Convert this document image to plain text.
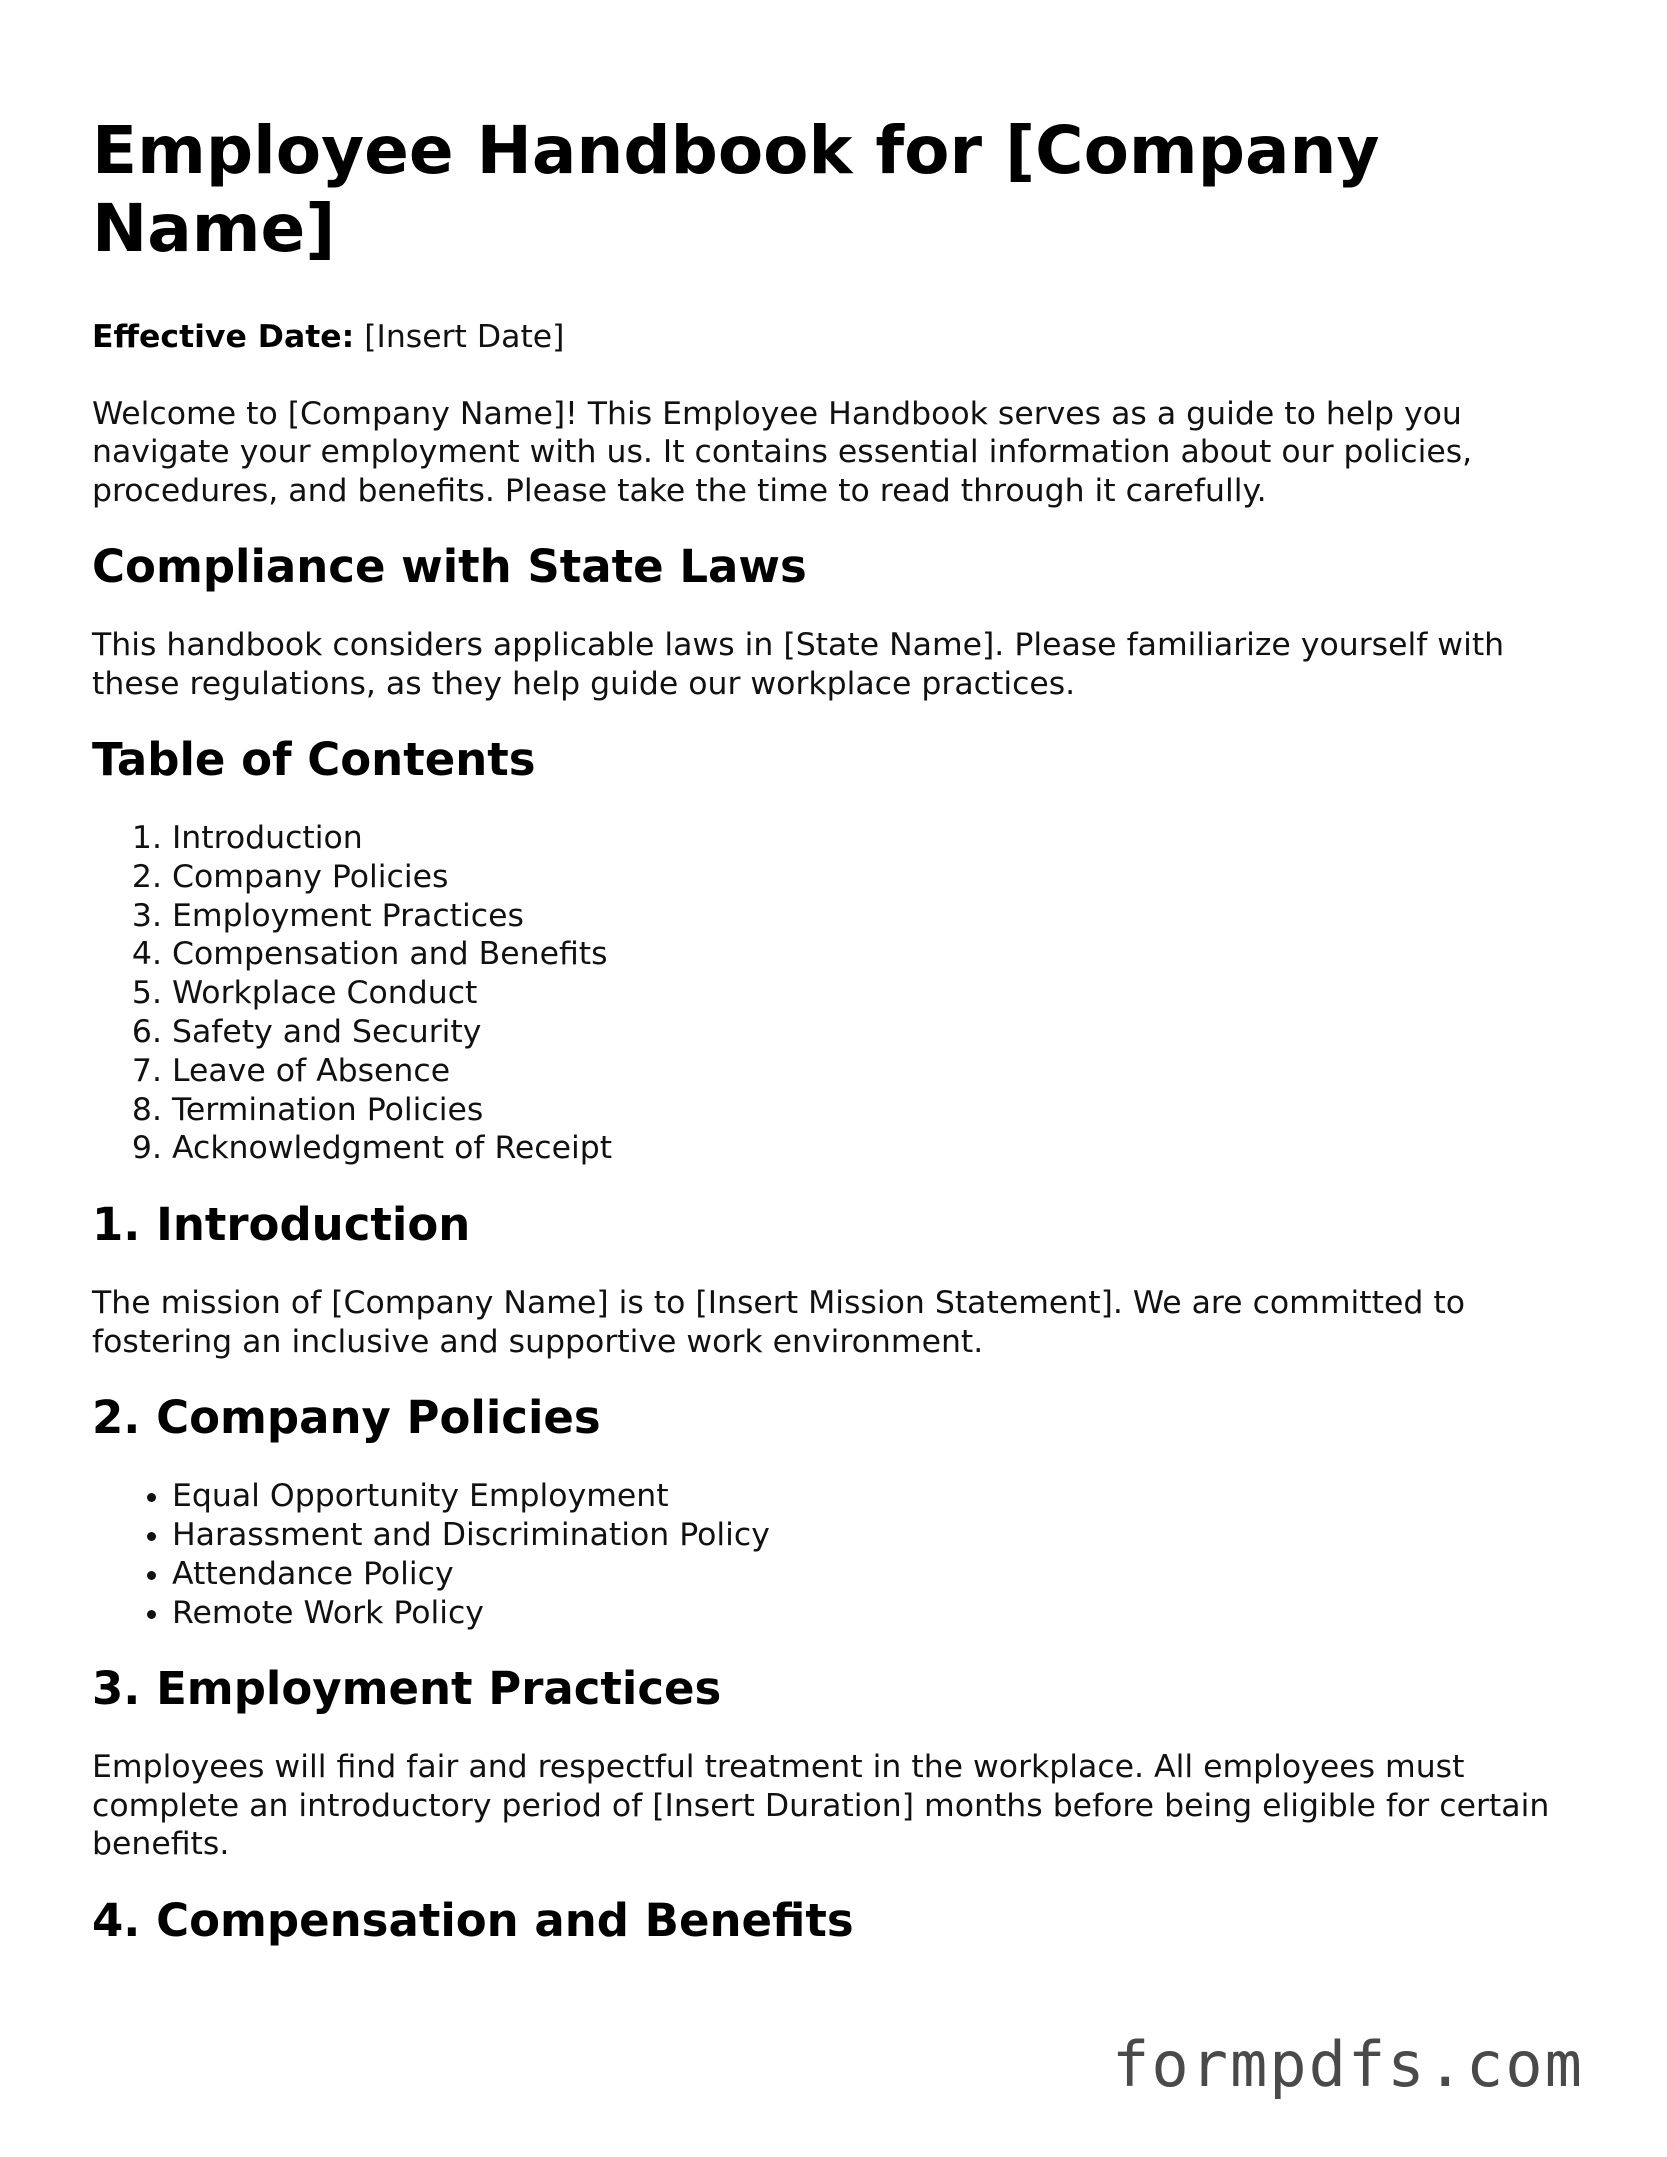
Employee Handbook for [Company Name]

Effective Date: [Insert Date]

Welcome to [Company Name]! This Employee Handbook serves as a guide to help you navigate your employment with us. It contains essential information about our policies, procedures, and benefits. Please take the time to read through it carefully.

Compliance with State Laws

This handbook considers applicable laws in [State Name]. Please familiarize yourself with these regulations, as they help guide our workplace practices.

Table of Contents
1. Introduction
2. Company Policies
3. Employment Practices
4. Compensation and Benefits
5. Workplace Conduct
6. Safety and Security
7. Leave of Absence
8. Termination Policies
9. Acknowledgment of Receipt
1. Introduction

The mission of [Company Name] is to [Insert Mission Statement]. We are committed to fostering an inclusive and supportive work environment.

2. Company Policies
• Equal Opportunity Employment
• Harassment and Discrimination Policy
• Attendance Policy
• Remote Work Policy
3. Employment Practices

Employees will find fair and respectful treatment in the workplace. All employees must complete an introductory period of [Insert Duration] months before being eligible for certain benefits.

4. Compensation and Benefits
formpdfs.com
